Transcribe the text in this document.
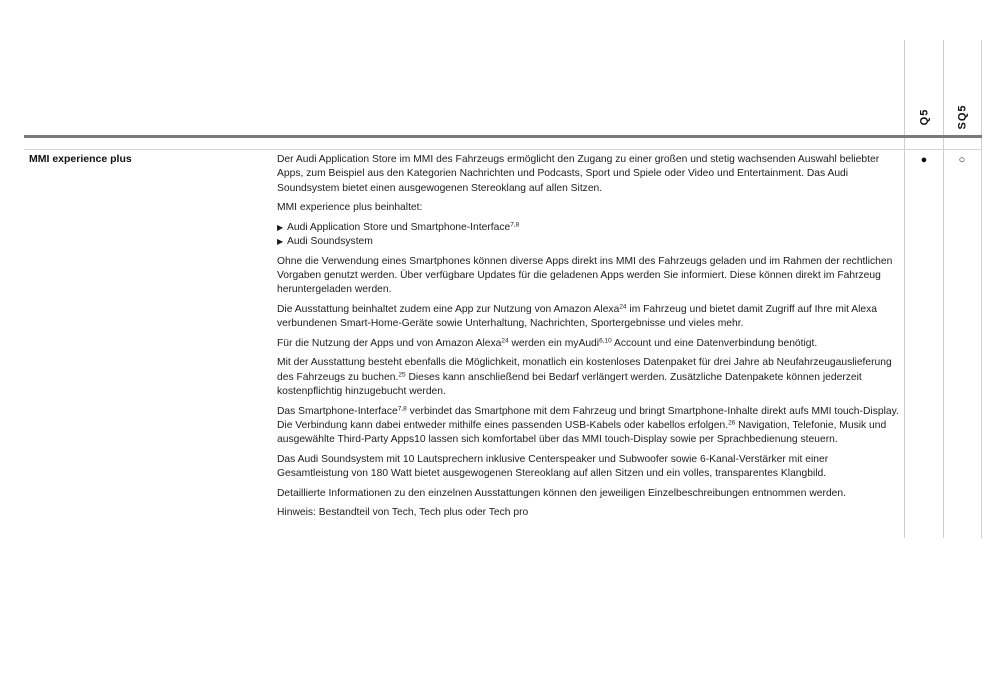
Q5 SQ5
MMI experience plus	Der Audi Application Store im MMI des Fahrzeugs ermöglicht den Zugang zu einer großen und stetig wachsenden Auswahl beliebter Apps, zum Beispiel aus den Kategorien Nachrichten und Podcasts, Sport und Spiele oder Video und Entertainment. Das Audi Soundsystem bietet einen ausgewogenen Stereoklang auf allen Sitzen.

MMI experience plus beinhaltet:

▶ Audi Application Store und Smartphone-Interface$^{7,8}$
▶ Audi Soundsystem

Ohne die Verwendung eines Smartphones können diverse Apps direkt ins MMI des Fahrzeugs geladen und im Rahmen der rechtlichen Vorgaben genutzt werden. Über verfügbare Updates für die geladenen Apps werden Sie informiert. Diese können direkt im Fahrzeug heruntergeladen werden.

Die Ausstattung beinhaltet zudem eine App zur Nutzung von Amazon Alexa$^{24}$ im Fahrzeug und bietet damit Zugriff auf Ihre mit Alexa verbundenen Smart-Home-Geräte sowie Unterhaltung, Nachrichten, Sportergebnisse und vieles mehr.

Für die Nutzung der Apps und von Amazon Alexa$^{24}$ werden ein myAudi$^{6,10}$ Account und eine Datenverbindung benötigt.

Mit der Ausstattung besteht ebenfalls die Möglichkeit, monatlich ein kostenloses Datenpaket für drei Jahre ab Neufahrzeugauslieferung des Fahrzeugs zu buchen.$^{25}$ Dieses kann anschließend bei Bedarf verlängert werden. Zusätzliche Datenpakete können jederzeit kostenpflichtig hinzugebucht werden.

Das Smartphone-Interface$^{7,8}$ verbindet das Smartphone mit dem Fahrzeug und bringt Smartphone-Inhalte direkt aufs MMI touch-Display. Die Verbindung kann dabei entweder mithilfe eines passenden USB-Kabels oder kabellos erfolgen.$^{26}$ Navigation, Telefonie, Musik und ausgewählte Third-Party Apps10 lassen sich komfortabel über das MMI touch-Display sowie per Sprachbedienung steuern.

Das Audi Soundsystem mit 10 Lautsprechern inklusive Centerspeaker und Subwoofer sowie 6-Kanal-Verstärker mit einer Gesamtleistung von 180 Watt bietet ausgewogenen Stereoklang auf allen Sitzen und ein volles, transparentes Klangbild.

Detaillierte Informationen zu den einzelnen Ausstattungen können den jeweiligen Einzelbeschreibungen entnommen werden.

Hinweis: Bestandteil von Tech, Tech plus oder Tech pro

●	○
